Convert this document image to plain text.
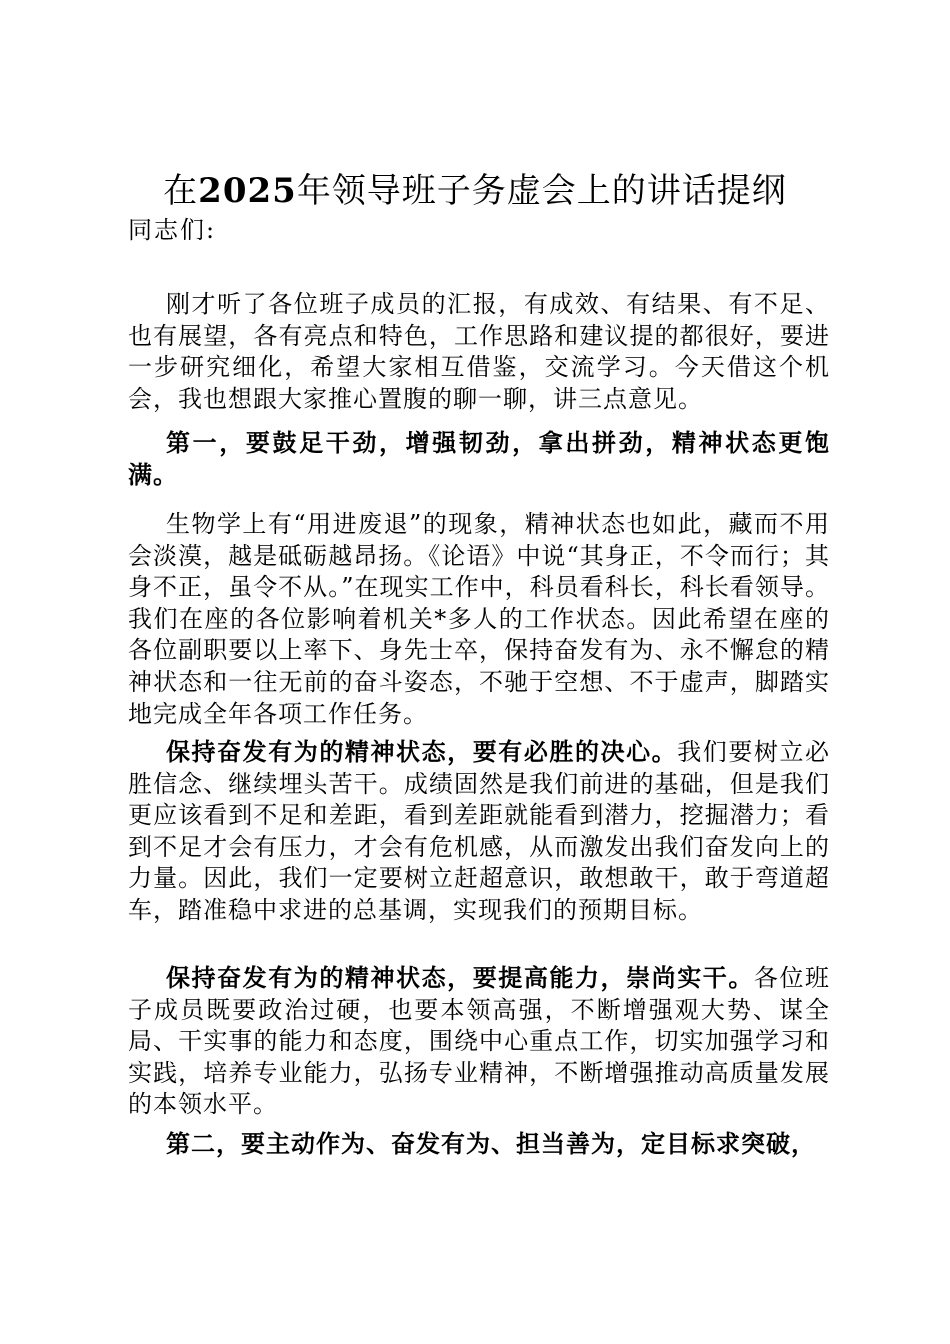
在2025年领导班子务虚会上的讲话提纲

同志们:

刚才听了各位班子成员的汇报，有成效、有结果、有不足、也有展望，各有亮点和特色，工作思路和建议提的都很好，要进一步研究细化，希望大家相互借鉴，交流学习。今天借这个机会，我也想跟大家推心置腹的聊一聊，讲三点意见。

第一，要鼓足干劲，增强韧劲，拿出拼劲，精神状态更饱满。

生物学上有“用进废退”的现象，精神状态也如此，藏而不用会淡漠，越是砥砺越昂扬。《论语》中说“其身正，不令而行；其身不正，虽令不从。”在现实工作中，科员看科长，科长看领导。我们在座的各位影响着机关*多人的工作状态。因此希望在座的各位副职要以上率下、身先士卒，保持奋发有为、永不懈怠的精神状态和一往无前的奋斗姿态，不驰于空想、不于虚声，脚踏实地完成全年各项工作任务。

保持奋发有为的精神状态，要有必胜的决心。我们要树立必胜信念、继续埋头苦干。成绩固然是我们前进的基础，但是我们更应该看到不足和差距，看到差距就能看到潜力，挖掘潜力；看到不足才会有压力，才会有危机感，从而激发出我们奋发向上的力量。因此，我们一定要树立赶超意识，敢想敢干，敢于弯道超车，踏准稳中求进的总基调，实现我们的预期目标。

保持奋发有为的精神状态，要提高能力，崇尚实干。各位班子成员既要政治过硬，也要本领高强，不断增强观大势、谋全局、干实事的能力和态度，围绕中心重点工作，切实加强学习和实践，培养专业能力，弘扬专业精神，不断增强推动高质量发展的本领水平。

第二，要主动作为、奋发有为、担当善为，定目标求突破，
